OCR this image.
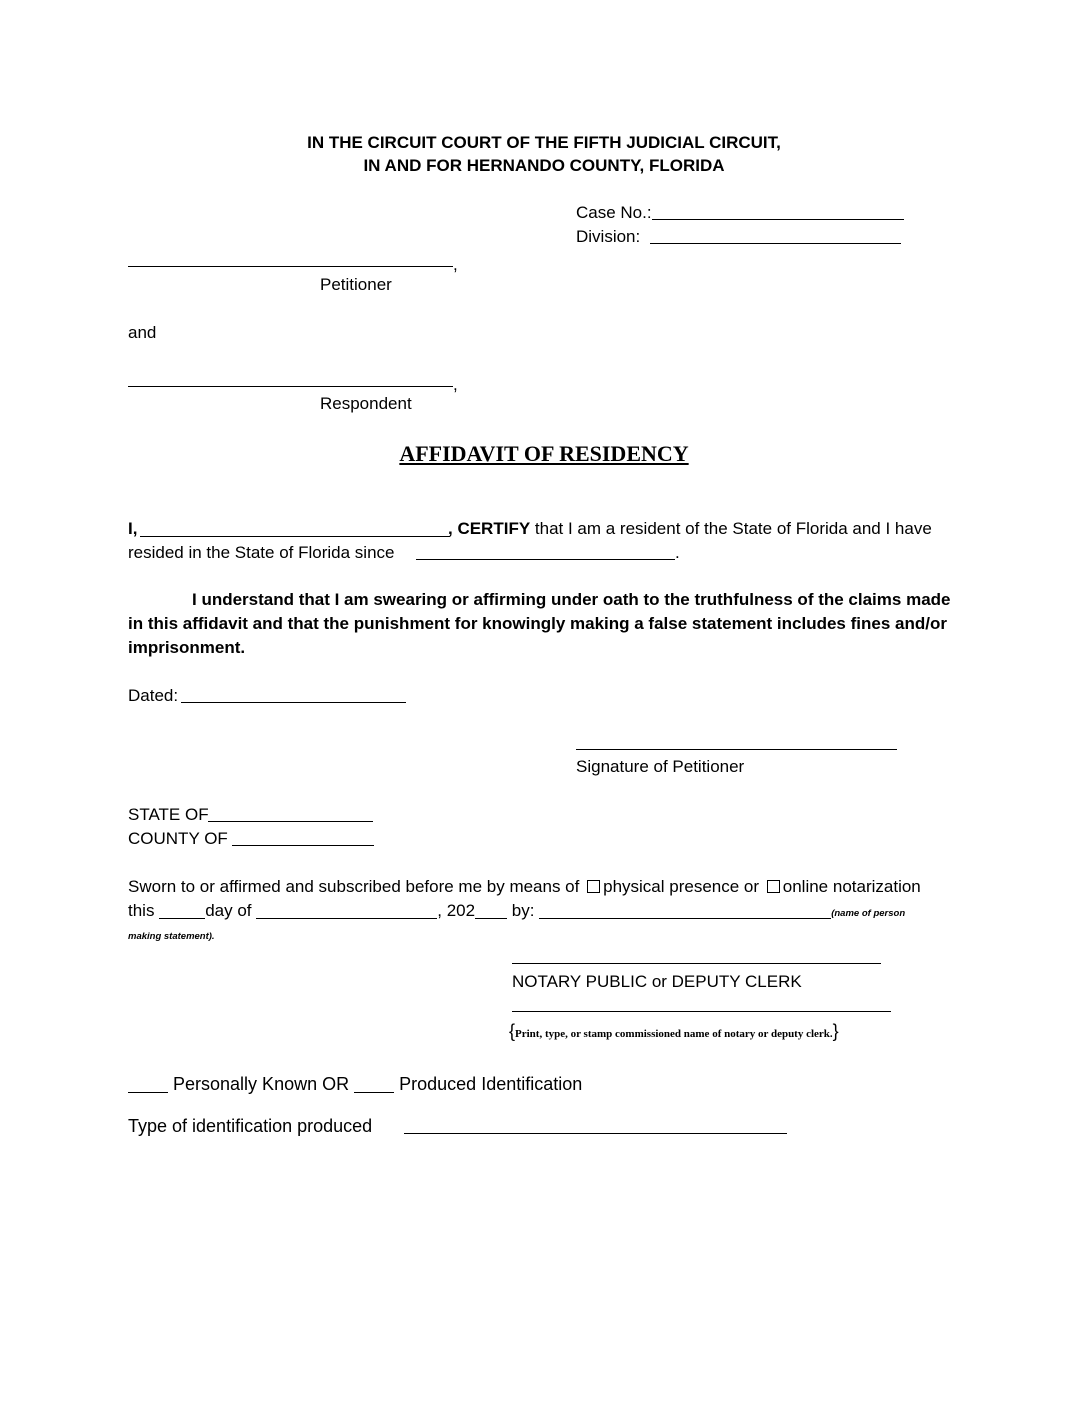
IN THE CIRCUIT COURT OF THE FIFTH JUDICIAL CIRCUIT,
IN AND FOR HERNANDO COUNTY, FLORIDA
Case No.:
Division:
,
Petitioner
and
,
Respondent
AFFIDAVIT OF RESIDENCY
I,	, CERTIFY that I am a resident of the State of Florida and I have
resided in the State of Florida since	.
I understand that I am swearing or affirming under oath to the truthfulness of the claims made
in this affidavit and that the punishment for knowingly making a false statement includes fines and/or
imprisonment.
Dated:
Signature of Petitioner
STATE OF
COUNTY OF
Sworn to or affirmed and subscribed before me by means of physical presence or online notarization
this	day of	, 202 by:	(name of person
making statement).
NOTARY PUBLIC or DEPUTY CLERK
{Print, type, or stamp commissioned name of notary or deputy clerk.}
Personally Known OR	Produced Identification
Type of identification produced
